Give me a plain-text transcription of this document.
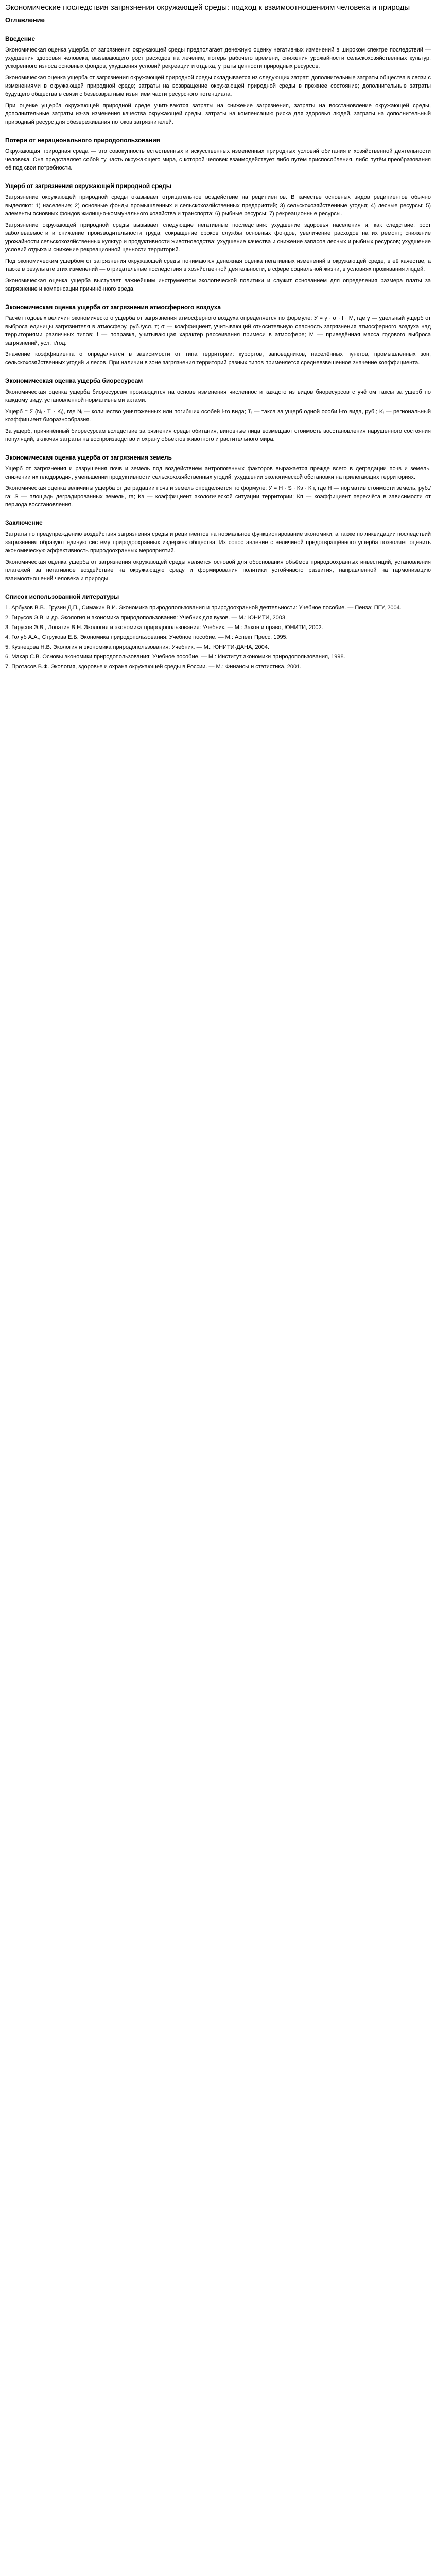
Экономические последствия загрязнения окружающей среды: подход к взаимоотношениям человека и природы
Оглавление
Введение

Экономическая оценка ущерба от загрязнения окружающей среды предполагает денежную оценку негативных изменений в широком спектре последствий — ухудшения здоровья человека, вызывающего рост расходов на лечение, потерь рабочего времени, снижения урожайности сельскохозяйственных культур, ускоренного износа основных фондов, ухудшения условий рекреации и отдыха, утраты ценности природных ресурсов.

Экономическая оценка ущерба от загрязнения окружающей природной среды складывается из следующих затрат: дополнительные затраты общества в связи с изменениями в окружающей природной среде; затраты на возвращение окружающей природной среды в прежнее состояние; дополнительные затраты будущего общества в связи с безвозвратным изъятием части ресурсного потенциала.

При оценке ущерба окружающей природной среде учитываются затраты на снижение загрязнения, затраты на восстановление окружающей среды, дополнительные затраты из-за изменения качества окружающей среды, затраты на компенсацию риска для здоровья людей, затраты на дополнительный природный ресурс для обезвреживания потоков загрязнителей.

Потери от нерационального природопользования

Окружающая природная среда — это совокупность естественных и искусственных изменённых природных условий обитания и хозяйственной деятельности человека. Она представляет собой ту часть окружающего мира, с которой человек взаимодействует либо путём приспособления, либо путём преобразования её под свои потребности.

Ущерб от загрязнения окружающей природной среды

Загрязнение окружающей природной среды оказывает отрицательное воздействие на реципиентов. В качестве основных видов реципиентов обычно выделяют: 1) население; 2) основные фонды промышленных и сельскохозяйственных предприятий; 3) сельскохозяйственные угодья; 4) лесные ресурсы; 5) элементы основных фондов жилищно-коммунального хозяйства и транспорта; 6) рыбные ресурсы; 7) рекреационные ресурсы.

Загрязнение окружающей природной среды вызывает следующие негативные последствия: ухудшение здоровья населения и, как следствие, рост заболеваемости и снижение производительности труда; сокращение сроков службы основных фондов, увеличение расходов на их ремонт; снижение урожайности сельскохозяйственных культур и продуктивности животноводства; ухудшение качества и снижение запасов лесных и рыбных ресурсов; ухудшение условий отдыха и снижение рекреационной ценности территорий.

Под экономическим ущербом от загрязнения окружающей среды понимаются денежная оценка негативных изменений в окружающей среде, в её качестве, а также в результате этих изменений — отрицательные последствия в хозяйственной деятельности, в сфере социальной жизни, в условиях проживания людей.

Экономическая оценка ущерба выступает важнейшим инструментом экологической политики и служит основанием для определения размера платы за загрязнение и компенсации причинённого вреда.

Экономическая оценка ущерба от загрязнения атмосферного воздуха

Расчёт годовых величин экономического ущерба от загрязнения атмосферного воздуха определяется по формуле: У = γ · σ · f · M, где γ — удельный ущерб от выброса единицы загрязнителя в атмосферу, руб./усл. т; σ — коэффициент, учитывающий относительную опасность загрязнения атмосферного воздуха над территориями различных типов; f — поправка, учитывающая характер рассеивания примеси в атмосфере; M — приведённая масса годового выброса загрязнений, усл. т/год.

Значение коэффициента σ определяется в зависимости от типа территории: курортов, заповедников, населённых пунктов, промышленных зон, сельскохозяйственных угодий и лесов. При наличии в зоне загрязнения территорий разных типов применяется средневзвешенное значение коэффициента.

Экономическая оценка ущерба биоресурсам

Экономическая оценка ущерба биоресурсам производится на основе изменения численности каждого из видов биоресурсов с учётом таксы за ущерб по каждому виду, установленной нормативными актами.

Ущерб = Σ (Nᵢ · Tᵢ · Kᵢ), где Nᵢ — количество уничтоженных или погибших особей i-го вида; Tᵢ — такса за ущерб одной особи i-го вида, руб.; Kᵢ — региональный коэффициент биоразнообразия.

За ущерб, причинённый биоресурсам вследствие загрязнения среды обитания, виновные лица возмещают стоимость восстановления нарушенного состояния популяций, включая затраты на воспроизводство и охрану объектов животного и растительного мира.

Экономическая оценка ущерба от загрязнения земель

Ущерб от загрязнения и разрушения почв и земель под воздействием антропогенных факторов выражается прежде всего в деградации почв и земель, снижении их плодородия, уменьшении продуктивности сельскохозяйственных угодий, ухудшении экологической обстановки на прилегающих территориях.

Экономическая оценка величины ущерба от деградации почв и земель определяется по формуле: У = Н · S · Кэ · Кп, где Н — норматив стоимости земель, руб./га; S — площадь деградированных земель, га; Кэ — коэффициент экологической ситуации территории; Кп — коэффициент пересчёта в зависимости от периода восстановления.

Заключение

Затраты по предупреждению воздействия загрязнения среды и реципиентов на нормальное функционирование экономики, а также по ликвидации последствий загрязнения образуют единую систему природоохранных издержек общества. Их сопоставление с величиной предотвращённого ущерба позволяет оценить экономическую эффективность природоохранных мероприятий.

Экономическая оценка ущерба от загрязнения окружающей среды является основой для обоснования объёмов природоохранных инвестиций, установления платежей за негативное воздействие на окружающую среду и формирования политики устойчивого развития, направленной на гармонизацию взаимоотношений человека и природы.

Список использованной литературы

1. Арбузов В.В., Грузин Д.П., Симакин В.И. Экономика природопользования и природоохранной деятельности: Учебное пособие. — Пенза: ПГУ, 2004.

2. Гирусов Э.В. и др. Экология и экономика природопользования: Учебник для вузов. — М.: ЮНИТИ, 2003.

3. Гирусов Э.В., Лопатин В.Н. Экология и экономика природопользования: Учебник. — М.: Закон и право, ЮНИТИ, 2002.

4. Голуб А.А., Струкова Е.Б. Экономика природопользования: Учебное пособие. — М.: Аспект Пресс, 1995.

5. Кузнецова Н.В. Экология и экономика природопользования: Учебник. — М.: ЮНИТИ-ДАНА, 2004.

6. Макар С.В. Основы экономики природопользования: Учебное пособие. — М.: Институт экономики природопользования, 1998.

7. Протасов В.Ф. Экология, здоровье и охрана окружающей среды в России. — М.: Финансы и статистика, 2001.
